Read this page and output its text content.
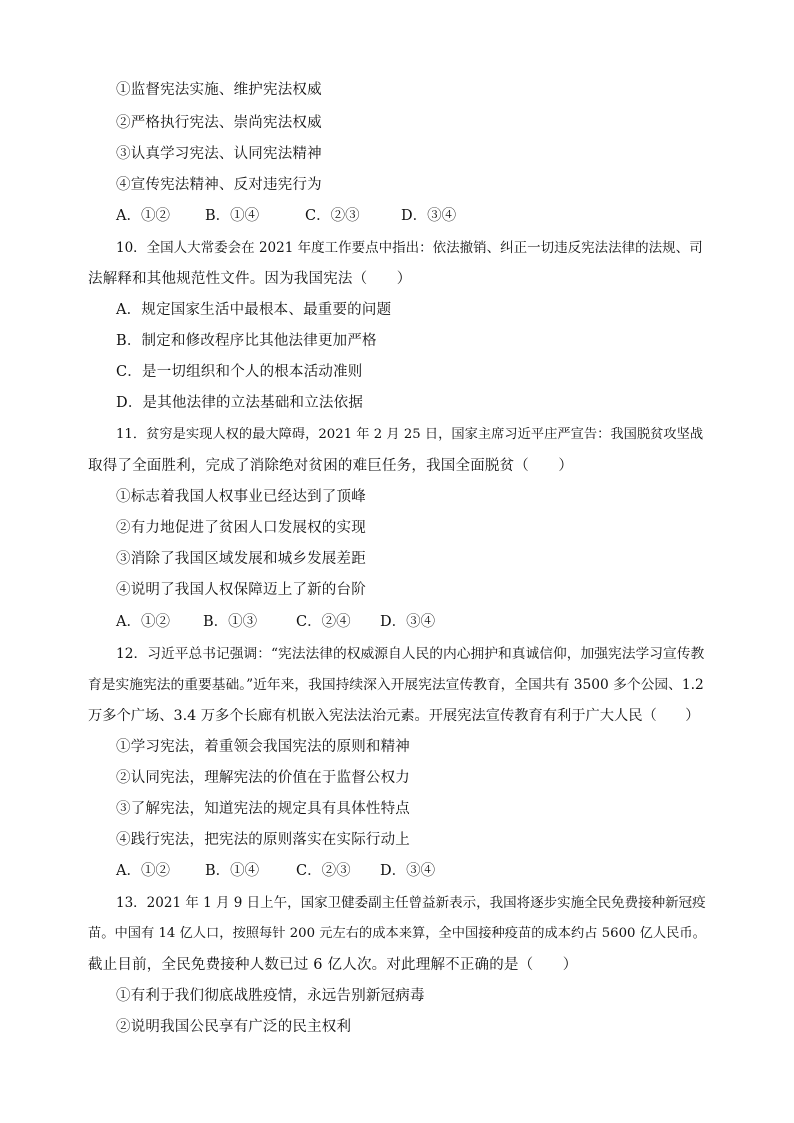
①监督宪法实施、维护宪法权威
②严格执行宪法、崇尚宪法权威
③认真学习宪法、认同宪法精神
④宣传宪法精神、反对违宪行为
A．①② B．①④	C．②③	D．③④
10．全国人大常委会在 2021 年度工作要点中指出：依法撤销、纠正一切违反宪法法律的法规、司
法解释和其他规范性文件。因为我国宪法（　　）
A．规定国家生活中最根本、最重要的问题
B．制定和修改程序比其他法律更加严格
C．是一切组织和个人的根本活动准则
D．是其他法律的立法基础和立法依据
11．贫穷是实现人权的最大障碍，2021 年 2 月 25 日，国家主席习近平庄严宣告：我国脱贫攻坚战
取得了全面胜利，完成了消除绝对贫困的难巨任务，我国全面脱贫（　　）
①标志着我国人权事业已经达到了顶峰
②有力地促进了贫困人口发展权的实现
③消除了我国区域发展和城乡发展差距
④说明了我国人权保障迈上了新的台阶
A．①② B．①③	C．②④ D．③④
12．习近平总书记强调：“宪法法律的权威源自人民的内心拥护和真诚信仰，加强宪法学习宣传教
育是实施宪法的重要基础。”近年来，我国持续深入开展宪法宣传教育，全国共有 3500 多个公园、1.2
万多个广场、3.4 万多个长廊有机嵌入宪法法治元素。开展宪法宣传教育有利于广大人民（　　）
①学习宪法，着重领会我国宪法的原则和精神
②认同宪法，理解宪法的价值在于监督公权力
③了解宪法，知道宪法的规定具有具体性特点
④践行宪法，把宪法的原则落实在实际行动上
A．①② B．①④	C．②③ D．③④
13．2021 年 1 月 9 日上午，国家卫健委副主任曾益新表示，我国将逐步实施全民免费接种新冠疫
苗。中国有 14 亿人口，按照每针 200 元左右的成本来算，全中国接种疫苗的成本约占 5600 亿人民币。
截止目前，全民免费接种人数已过 6 亿人次。对此理解不正确的是（　　）
①有利于我们彻底战胜疫情，永远告别新冠病毒
②说明我国公民享有广泛的民主权利
